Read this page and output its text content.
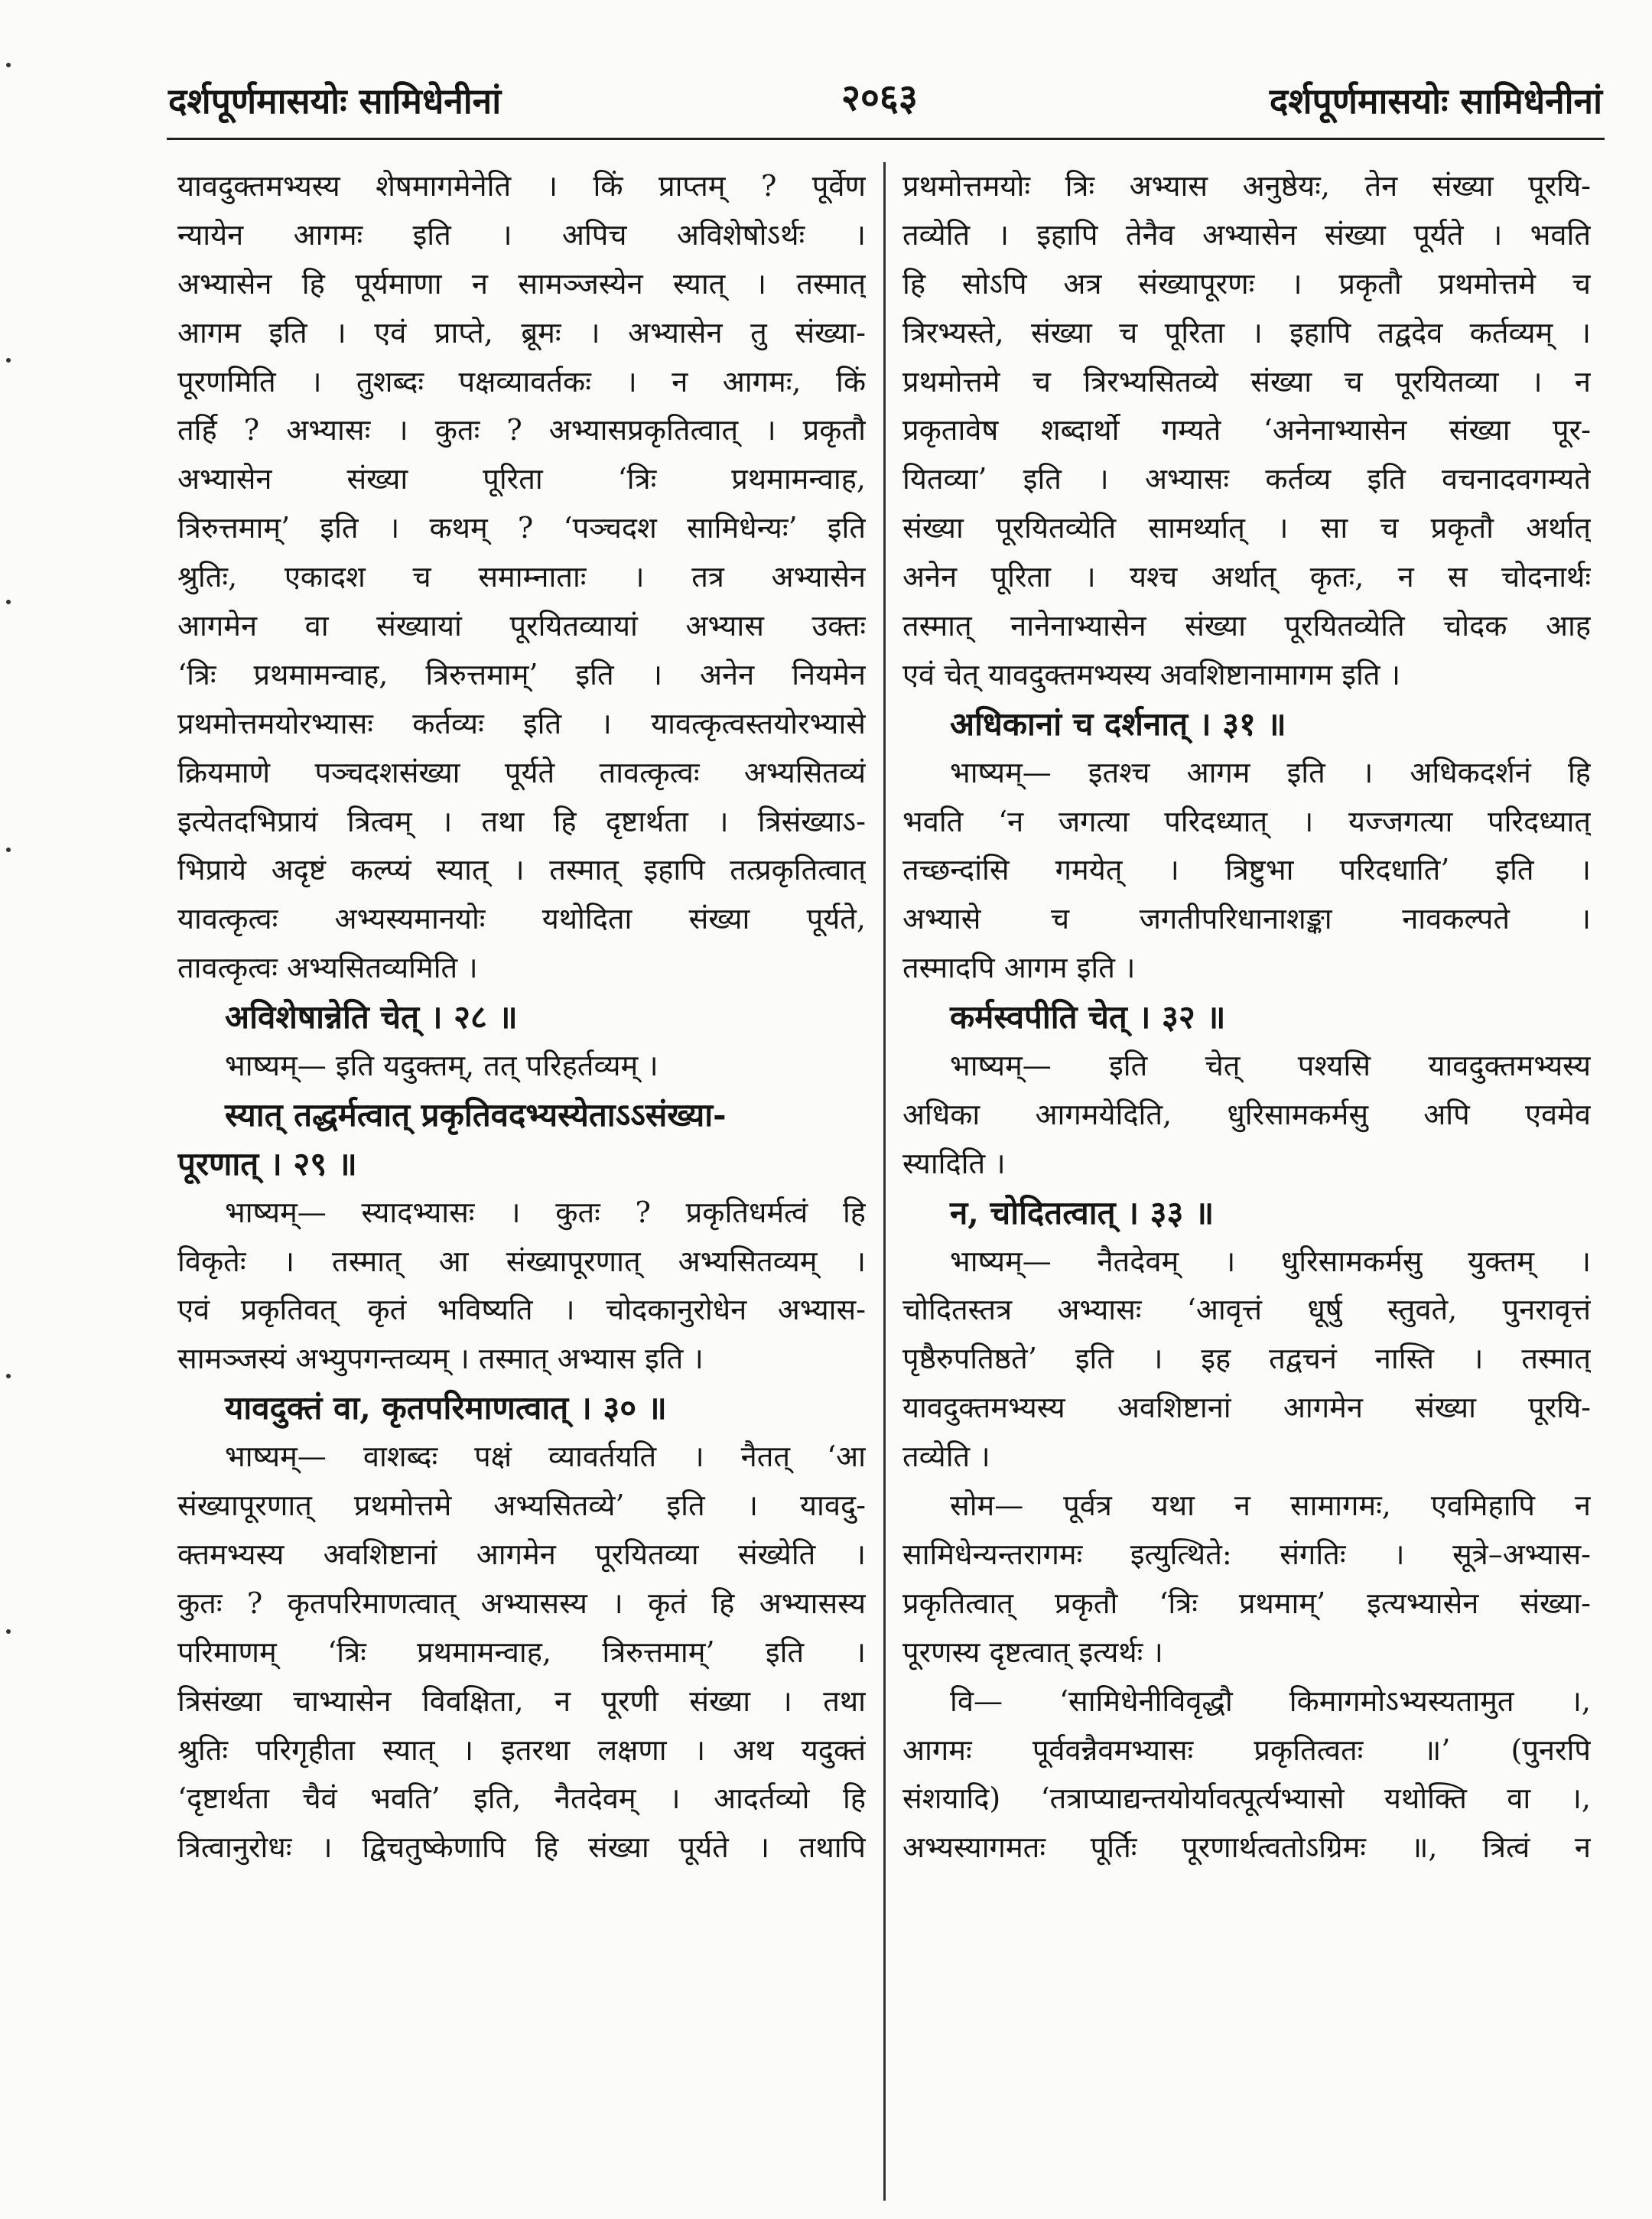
दर्शपूर्णमासयोः सामिधेनीनां	२०६३	दर्शपूर्णमासयोः सामिधेनीनां
यावदुक्तमभ्यस्य शेषमागमेनेति । किं प्राप्तम् ? पूर्वेण
न्यायेन आगमः इति । अपिच अविशेषोऽर्थः ।
अभ्यासेन हि पूर्यमाणा न सामञ्जस्येन स्यात् । तस्मात्
आगम इति । एवं प्राप्ते, ब्रूमः । अभ्यासेन तु संख्या-
पूरणमिति । तुशब्दः पक्षव्यावर्तकः । न आगमः, किं
तर्हि ? अभ्यासः । कुतः ? अभ्यासप्रकृतित्वात् । प्रकृतौ
अभ्यासेन संख्या पूरिता ‘त्रिः प्रथमामन्वाह,
त्रिरुत्तमाम्’ इति । कथम् ? ‘पञ्चदश सामिधेन्यः’ इति
श्रुतिः, एकादश च समाम्नाताः । तत्र अभ्यासेन
आगमेन वा संख्यायां पूरयितव्यायां अभ्यास उक्तः
‘त्रिः प्रथमामन्वाह, त्रिरुत्तमाम्’ इति । अनेन नियमेन
प्रथमोत्तमयोरभ्यासः कर्तव्यः इति । यावत्कृत्वस्तयोरभ्यासे
क्रियमाणे पञ्चदशसंख्या पूर्यते तावत्कृत्वः अभ्यसितव्यं
इत्येतदभिप्रायं त्रित्वम् । तथा हि दृष्टार्थता । त्रिसंख्याऽ-
भिप्राये अदृष्टं कल्प्यं स्यात् । तस्मात् इहापि तत्प्रकृतित्वात्
यावत्कृत्वः अभ्यस्यमानयोः यथोदिता संख्या पूर्यते,
तावत्कृत्वः अभ्यसितव्यमिति ।
अविशेषान्नेति चेत् । २८ ॥
भाष्यम्— इति यदुक्तम्, तत् परिहर्तव्यम् ।
स्यात् तद्धर्मत्वात् प्रकृतिवदभ्यस्येताऽऽसंख्या-
पूरणात् । २९ ॥
भाष्यम्— स्यादभ्यासः । कुतः ? प्रकृतिधर्मत्वं हि
विकृतेः । तस्मात् आ संख्यापूरणात् अभ्यसितव्यम् ।
एवं प्रकृतिवत् कृतं भविष्यति । चोदकानुरोधेन अभ्यास-
सामञ्जस्यं अभ्युपगन्तव्यम् । तस्मात् अभ्यास इति ।
यावदुक्तं वा, कृतपरिमाणत्वात् । ३० ॥
भाष्यम्— वाशब्दः पक्षं व्यावर्तयति । नैतत् ‘आ
संख्यापूरणात् प्रथमोत्तमे अभ्यसितव्ये’ इति । यावदु-
क्तमभ्यस्य अवशिष्टानां आगमेन पूरयितव्या संख्येति ।
कुतः ? कृतपरिमाणत्वात् अभ्यासस्य । कृतं हि अभ्यासस्य
परिमाणम् ‘त्रिः प्रथमामन्वाह, त्रिरुत्तमाम्’ इति ।
त्रिसंख्या चाभ्यासेन विवक्षिता, न पूरणी संख्या । तथा
श्रुतिः परिगृहीता स्यात् । इतरथा लक्षणा । अथ यदुक्तं
‘दृष्टार्थता चैवं भवति’ इति, नैतदेवम् । आदर्तव्यो हि
त्रित्वानुरोधः । द्विचतुष्केणापि हि संख्या पूर्यते । तथापि
प्रथमोत्तमयोः त्रिः अभ्यास अनुष्ठेयः, तेन संख्या पूरयि-
तव्येति । इहापि तेनैव अभ्यासेन संख्या पूर्यते । भवति
हि सोऽपि अत्र संख्यापूरणः । प्रकृतौ प्रथमोत्तमे च
त्रिरभ्यस्ते, संख्या च पूरिता । इहापि तद्वदेव कर्तव्यम् ।
प्रथमोत्तमे च त्रिरभ्यसितव्ये संख्या च पूरयितव्या । न
प्रकृतावेष शब्दार्थो गम्यते ‘अनेनाभ्यासेन संख्या पूर-
यितव्या’ इति । अभ्यासः कर्तव्य इति वचनादवगम्यते
संख्या पूरयितव्येति सामर्थ्यात् । सा च प्रकृतौ अर्थात्
अनेन पूरिता । यश्च अर्थात् कृतः, न स चोदनार्थः
तस्मात् नानेनाभ्यासेन संख्या पूरयितव्येति चोदक आह
एवं चेत् यावदुक्तमभ्यस्य अवशिष्टानामागम इति ।
अधिकानां च दर्शनात् । ३१ ॥
भाष्यम्— इतश्च आगम इति । अधिकदर्शनं हि
भवति ‘न जगत्या परिदध्यात् । यज्जगत्या परिदध्यात्
तच्छन्दांसि गमयेत् । त्रिष्टुभा परिदधाति’ इति ।
अभ्यासे च जगतीपरिधानाशङ्का नावकल्पते ।
तस्मादपि आगम इति ।
कर्मस्वपीति चेत् । ३२ ॥
भाष्यम्— इति चेत् पश्यसि यावदुक्तमभ्यस्य
अधिका आगमयेदिति, धुरिसामकर्मसु अपि एवमेव
स्यादिति ।
न, चोदितत्वात् । ३३ ॥
भाष्यम्— नैतदेवम् । धुरिसामकर्मसु युक्तम् ।
चोदितस्तत्र अभ्यासः ‘आवृत्तं धूर्षु स्तुवते, पुनरावृत्तं
पृष्ठैरुपतिष्ठते’ इति । इह तद्वचनं नास्ति । तस्मात्
यावदुक्तमभ्यस्य अवशिष्टानां आगमेन संख्या पूरयि-
तव्येति ।
सोम— पूर्वत्र यथा न सामागमः, एवमिहापि न
सामिधेन्यन्तरागमः इत्युत्थिते: संगतिः । सूत्रे–अभ्यास-
प्रकृतित्वात् प्रकृतौ ‘त्रिः प्रथमाम्’ इत्यभ्यासेन संख्या-
पूरणस्य दृष्टत्वात् इत्यर्थः ।
वि— ‘सामिधेनीविवृद्धौ किमागमोऽभ्यस्यतामुत ।,
आगमः पूर्ववन्नैवमभ्यासः प्रकृतित्वतः ॥’ (पुनरपि
संशयादि) ‘तत्राप्याद्यन्तयोर्यावत्पूर्त्यभ्यासो यथोक्ति वा ।,
अभ्यस्यागमतः पूर्तिः पूरणार्थत्वतोऽग्रिमः ॥, त्रित्वं न
